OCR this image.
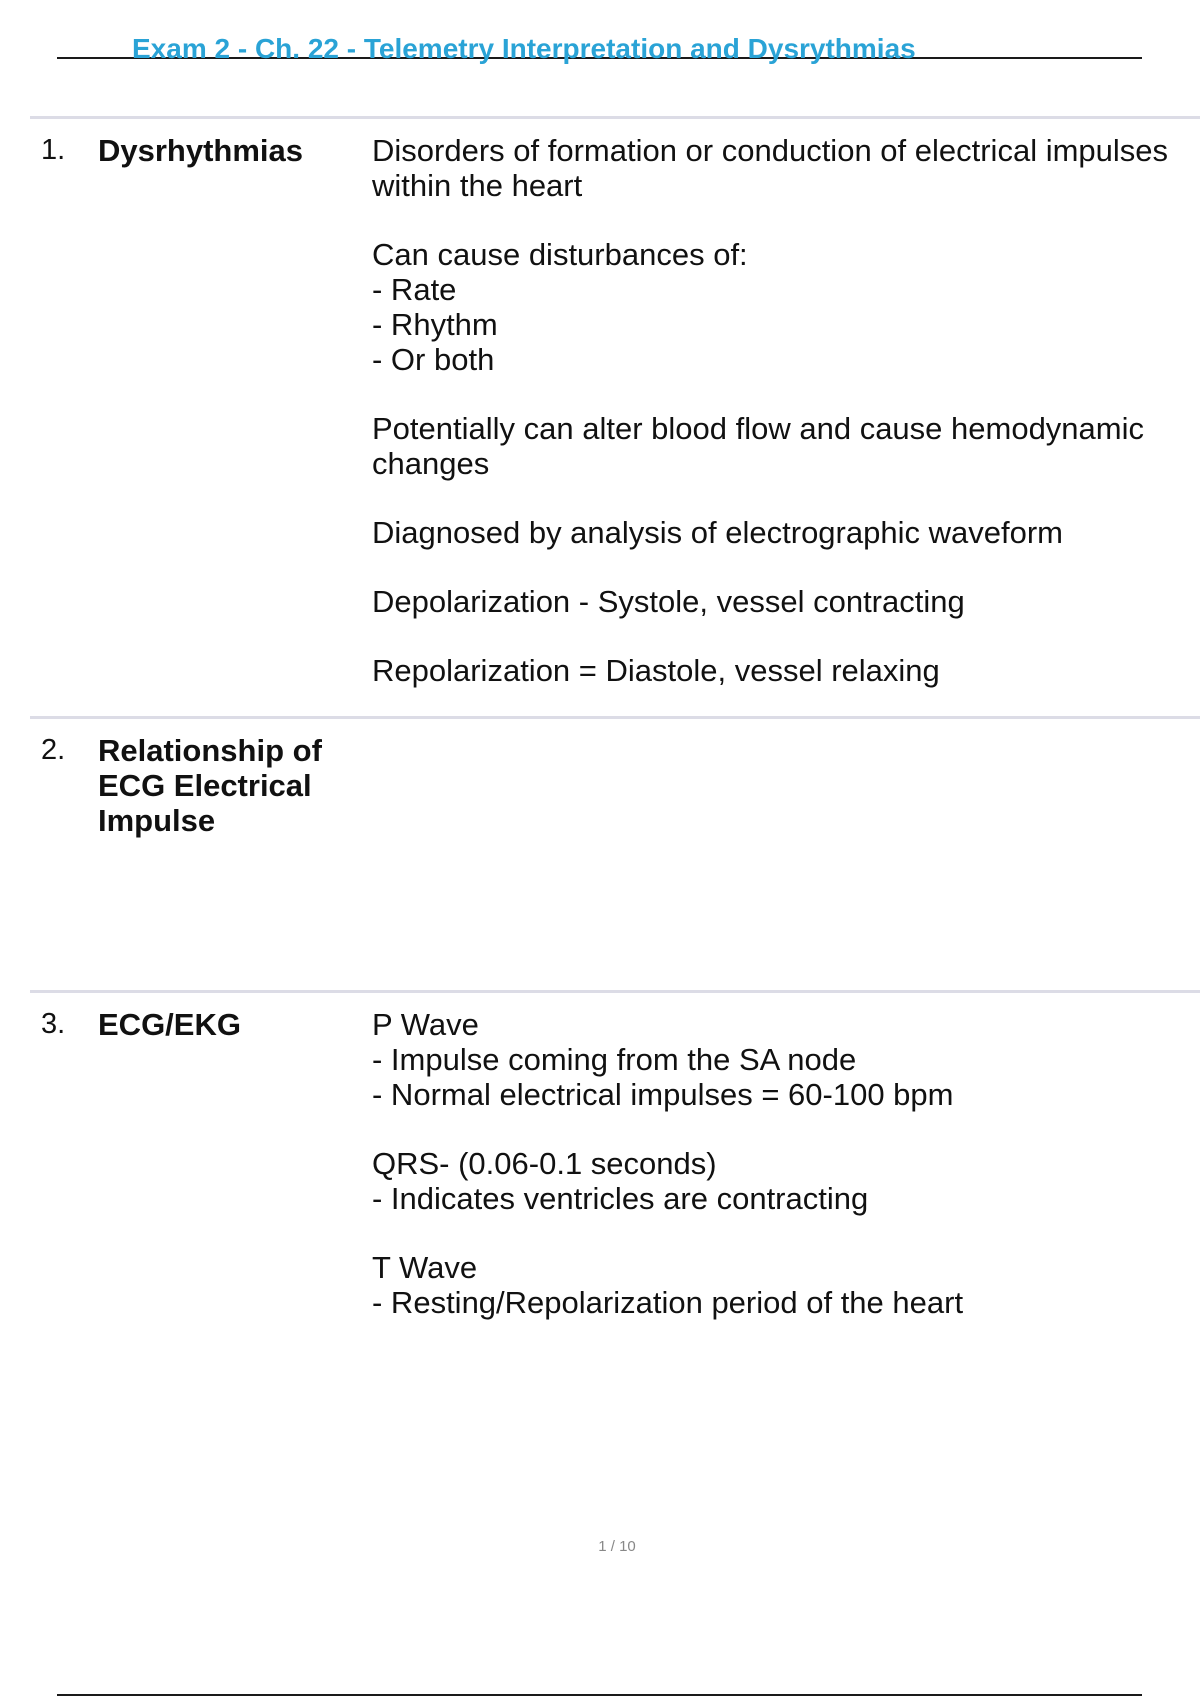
Exam 2 - Ch. 22 - Telemetry Interpretation and Dysrythmias
1. Dysrhythmias	Disorders of formation or conduction of electrical impulses
within the heart
Can cause disturbances of:
- Rate
- Rhythm
- Or both
Potentially can alter blood flow and cause hemodynamic
changes
Diagnosed by analysis of electrographic waveform
Depolarization - Systole, vessel contracting
Repolarization = Diastole, vessel relaxing
2. Relationship of
ECG Electrical
Impulse
3. ECG/EKG	P Wave
- Impulse coming from the SA node
- Normal electrical impulses = 60-100 bpm
QRS- (0.06-0.1 seconds)
- Indicates ventricles are contracting
T Wave
- Resting/Repolarization period of the heart
1 / 10
